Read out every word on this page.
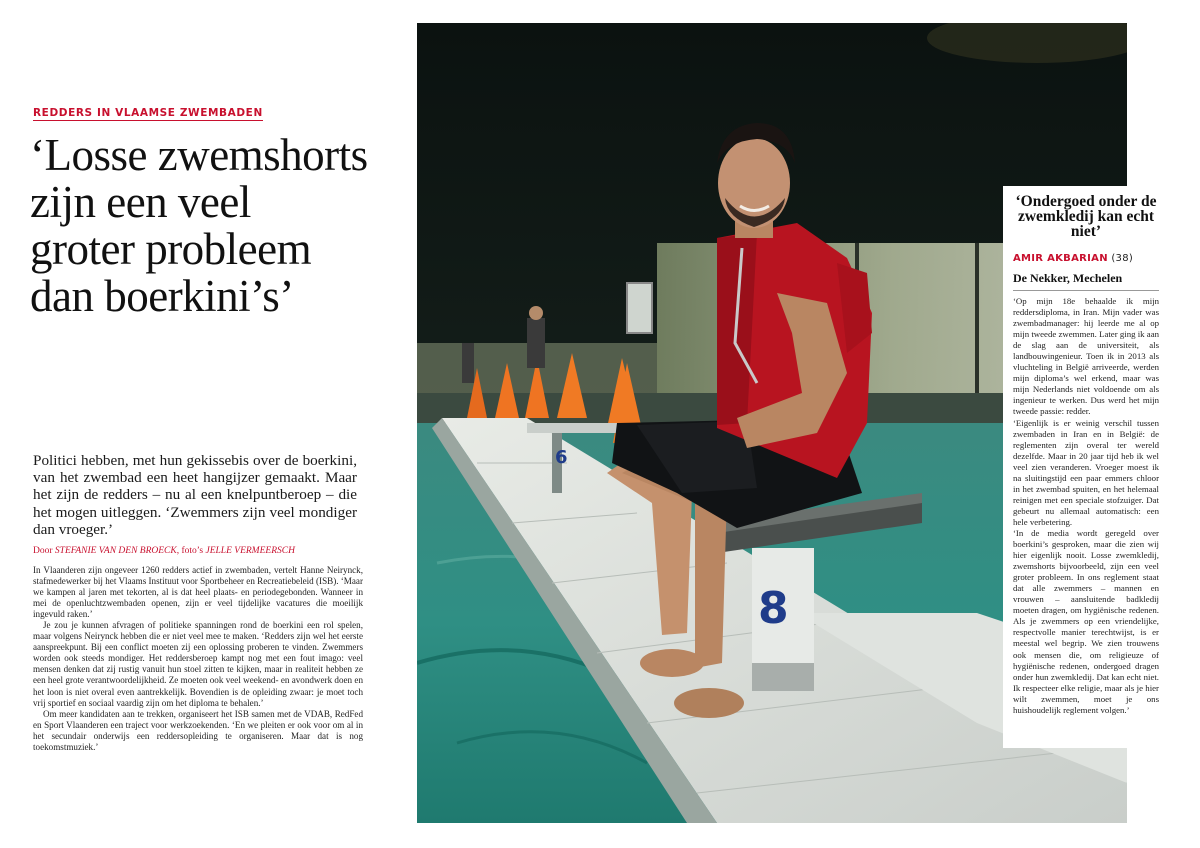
REDDERS IN VLAAMSE ZWEMBADEN
‘Losse zwemshorts
zijn een veel
groter probleem
dan boerkini’s’

Politici hebben, met hun gekissebis over de boerkini, van het zwembad een heet hangijzer gemaakt. Maar het zijn de redders – nu al een knelpuntberoep – die het mogen uitleggen. ‘Zwemmers zijn veel mondiger dan vroeger.’

Door STEFANIE VAN DEN BROECK, foto’s JELLE VERMEERSCH

In Vlaanderen zijn ongeveer 1260 redders actief in zwembaden, vertelt Hanne Neirynck, stafmedewerker bij het Vlaams Instituut voor Sportbeheer en Recreatiebeleid (ISB). ‘Maar we kampen al jaren met tekorten, al is dat heel plaats- en periodegebonden. Wanneer in mei de openluchtzwembaden openen, zijn er veel tijdelijke vacatures die moeilijk ingevuld raken.’

Je zou je kunnen afvragen of politieke spanningen rond de boerkini een rol spelen, maar volgens Neirynck hebben die er niet veel mee te maken. ‘Redders zijn wel het eerste aanspreekpunt. Bij een conflict moeten zij een oplossing proberen te vinden. Zwemmers worden ook steeds mondiger. Het reddersberoep kampt nog met een fout imago: veel mensen denken dat zij rustig vanuit hun stoel zitten te kijken, maar in realiteit hebben ze een heel grote verantwoordelijkheid. Ze moeten ook veel weekend- en avondwerk doen en het loon is niet overal even aantrekkelijk. Bovendien is de opleiding zwaar: je moet toch vrij sportief en sociaal vaardig zijn om het diploma te behalen.’

Om meer kandidaten aan te trekken, organiseert het ISB samen met de VDAB, RedFed en Sport Vlaanderen een traject voor werkzoekenden. ‘En we pleiten er ook voor om al in het secundair onderwijs een reddersopleiding te organiseren. Maar dat is nog toekomstmuziek.’

6
8
‘Ondergoed onder de zwemkledij kan echt niet’
AMIR AKBARIAN (38)
De Nekker, Mechelen

‘Op mijn 18e behaalde ik mijn reddersdiploma, in Iran. Mijn vader was zwembadmanager: hij leerde me al op mijn tweede zwemmen. Later ging ik aan de slag aan de universiteit, als landbouwingenieur. Toen ik in 2013 als vluchteling in België arriveerde, werden mijn diploma’s wel erkend, maar was mijn Nederlands niet voldoende om als ingenieur te werken. Dus werd het mijn tweede passie: redder.

‘Eigenlijk is er weinig verschil tussen zwembaden in Iran en in België: de reglementen zijn overal ter wereld dezelfde. Maar in 20 jaar tijd heb ik wel veel zien veranderen. Vroeger moest ik na sluitingstijd een paar emmers chloor in het zwembad spuiten, en het helemaal reinigen met een speciale stofzuiger. Dat gebeurt nu allemaal automatisch: een hele verbetering.

‘In de media wordt geregeld over boerkini’s gesproken, maar die zien wij hier eigenlijk nooit. Losse zwemkledij, zwemshorts bijvoorbeeld, zijn een veel groter probleem. In ons reglement staat dat alle zwemmers – mannen en vrouwen – aansluitende badkledij moeten dragen, om hygiënische redenen. Als je zwemmers op een vriendelijke, respectvolle manier terechtwijst, is er meestal wel begrip. We zien trouwens ook mensen die, om religieuze of hygiënische redenen, ondergoed dragen onder hun zwemkledij. Dat kan echt niet. Ik respecteer elke religie, maar als je hier wilt zwemmen, moet je ons huishoudelijk reglement volgen.’
